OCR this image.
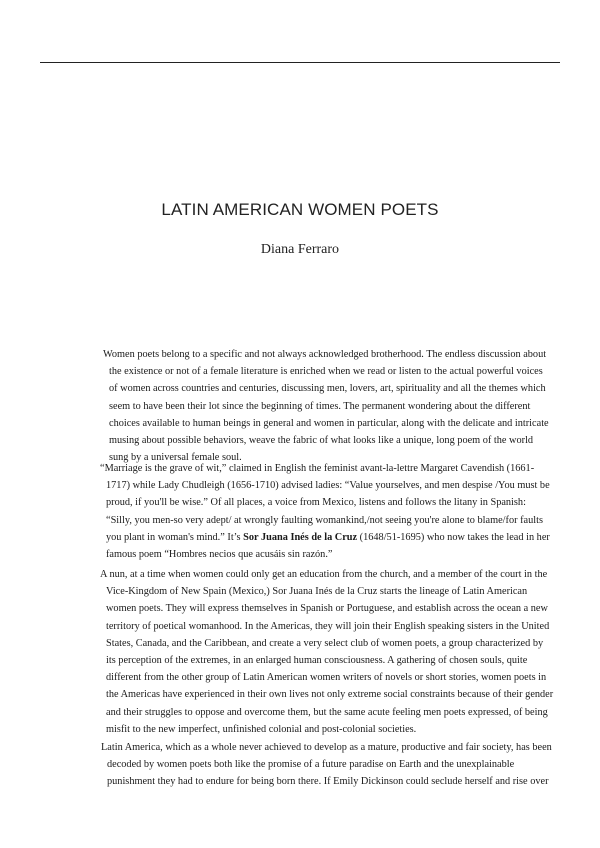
LATIN AMERICAN WOMEN POETS
Diana Ferraro

Women poets belong to a specific and not always acknowledged brotherhood. The endless discussion about the existence or not of a female literature is enriched when we read or listen to the actual powerful voices of women across countries and centuries, discussing men, lovers, art, spirituality and all the themes which seem to have been their lot since the beginning of times. The permanent wondering about the different choices available to human beings in general and women in particular, along with the delicate and intricate musing about possible behaviors, weave the fabric of what looks like a unique, long poem of the world sung by a universal female soul.

“Marriage is the grave of wit,” claimed in English the feminist avant-la-lettre Margaret Cavendish (1661-1717) while Lady Chudleigh (1656-1710) advised ladies: “Value yourselves, and men despise /You must be proud, if you'll be wise.” Of all places, a voice from Mexico, listens and follows the litany in Spanish: “Silly, you men-so very adept/ at wrongly faulting womankind,/not seeing you're alone to blame/for faults you plant in woman's mind.” It’s Sor Juana Inés de la Cruz (1648/51-1695) who now takes the lead in her famous poem “Hombres necios que acusáis sin razón.”

A nun, at a time when women could only get an education from the church, and a member of the court in the Vice-Kingdom of New Spain (Mexico,) Sor Juana Inés de la Cruz starts the lineage of Latin American women poets. They will express themselves in Spanish or Portuguese, and establish across the ocean a new territory of poetical womanhood. In the Americas, they will join their English speaking sisters in the United States, Canada, and the Caribbean, and create a very select club of women poets, a group characterized by its perception of the extremes, in an enlarged human consciousness. A gathering of chosen souls, quite different from the other group of Latin American women writers of novels or short stories, women poets in the Americas have experienced in their own lives not only extreme social constraints because of their gender and their struggles to oppose and overcome them, but the same acute feeling men poets expressed, of being misfit to the new imperfect, unfinished colonial and post-colonial societies.

Latin America, which as a whole never achieved to develop as a mature, productive and fair society, has been decoded by women poets both like the promise of a future paradise on Earth and the unexplainable punishment they had to endure for being born there. If Emily Dickinson could seclude herself and rise over
